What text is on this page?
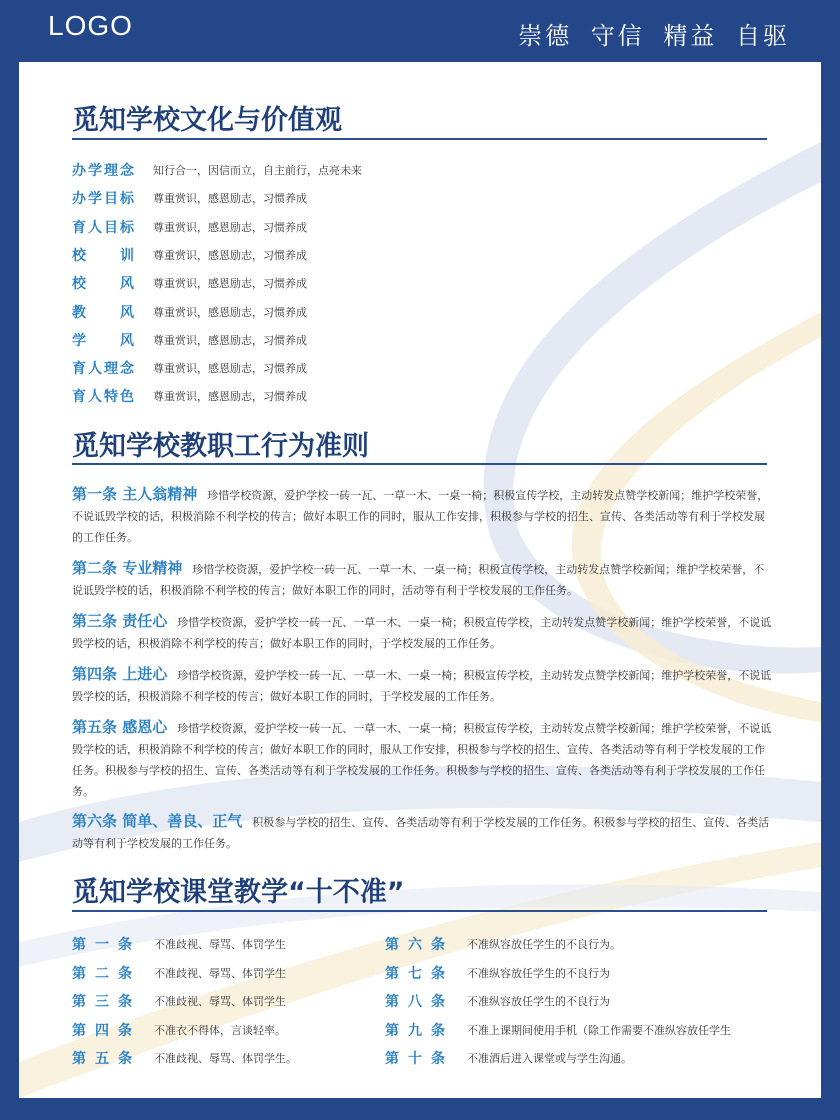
LOGO	崇德 守信 精益 自驱
觅知学校文化与价值观
办 学 理 念 知行合一，因信而立，自主前行，点亮未来
办 学 目 标 尊重赏识，感恩励志，习惯养成
育 人 目 标 尊重赏识，感恩励志，习惯养成
校 训 尊重赏识，感恩励志，习惯养成
校 风 尊重赏识，感恩励志，习惯养成
教 风 尊重赏识，感恩励志，习惯养成
学 风 尊重赏识，感恩励志，习惯养成
育 人 理 念 尊重赏识，感恩励志，习惯养成
育 人 特 色 尊重赏识，感恩励志，习惯养成
觅知学校教职工行为准则
第一条 主人翁精神 珍惜学校资源，爱护学校一砖一瓦、一草一木、一桌一椅；积极宣传学校，主动转发点赞学校新闻；维护学校荣誉，不说诋毁学校的话，积极消除不利学校的传言；做好本职工作的同时，服从工作安排，积极参与学校的招生、宣传、各类活动等有利于学校发展的工作任务。
第二条 专业精神 珍惜学校资源，爱护学校一砖一瓦、一草一木、一桌一椅；积极宣传学校，主动转发点赞学校新闻；维护学校荣誉，不说诋毁学校的话，积极消除不利学校的传言；做好本职工作的同时，活动等有利于学校发展的工作任务。
第三条 责任心 珍惜学校资源，爱护学校一砖一瓦、一草一木、一桌一椅；积极宣传学校，主动转发点赞学校新闻；维护学校荣誉，不说诋毁学校的话，积极消除不利学校的传言；做好本职工作的同时，于学校发展的工作任务。
第四条 上进心 珍惜学校资源，爱护学校一砖一瓦、一草一木、一桌一椅；积极宣传学校，主动转发点赞学校新闻；维护学校荣誉，不说诋毁学校的话，积极消除不利学校的传言；做好本职工作的同时，于学校发展的工作任务。
第五条 感恩心 珍惜学校资源，爱护学校一砖一瓦、一草一木、一桌一椅；积极宣传学校，主动转发点赞学校新闻；维护学校荣誉，不说诋毁学校的话，积极消除不利学校的传言；做好本职工作的同时，服从工作安排，积极参与学校的招生、宣传、各类活动等有利于学校发展的工作任务。积极参与学校的招生、宣传、各类活动等有利于学校发展的工作任务。积极参与学校的招生、宣传、各类活动等有利于学校发展的工作任务。
第六条 简单、善良、正气 积极参与学校的招生、宣传、各类活动等有利于学校发展的工作任务。积极参与学校的招生、宣传、各类活动等有利于学校发展的工作任务。
觅知学校课堂教学“十不准”
第 一 条 不准歧视、辱骂、体罚学生
第 二 条 不准歧视、辱骂、体罚学生
第 三 条 不准歧视、辱骂、体罚学生
第 四 条 不准衣不得体，言谈轻率。
第 五 条 不准歧视、辱骂、体罚学生。
第 六 条 不准纵容放任学生的不良行为。
第 七 条 不准纵容放任学生的不良行为
第 八 条 不准纵容放任学生的不良行为
第 九 条 不准上课期间使用手机（除工作需要不准纵容放任学生
第 十 条 不准酒后进入课堂或与学生沟通。
